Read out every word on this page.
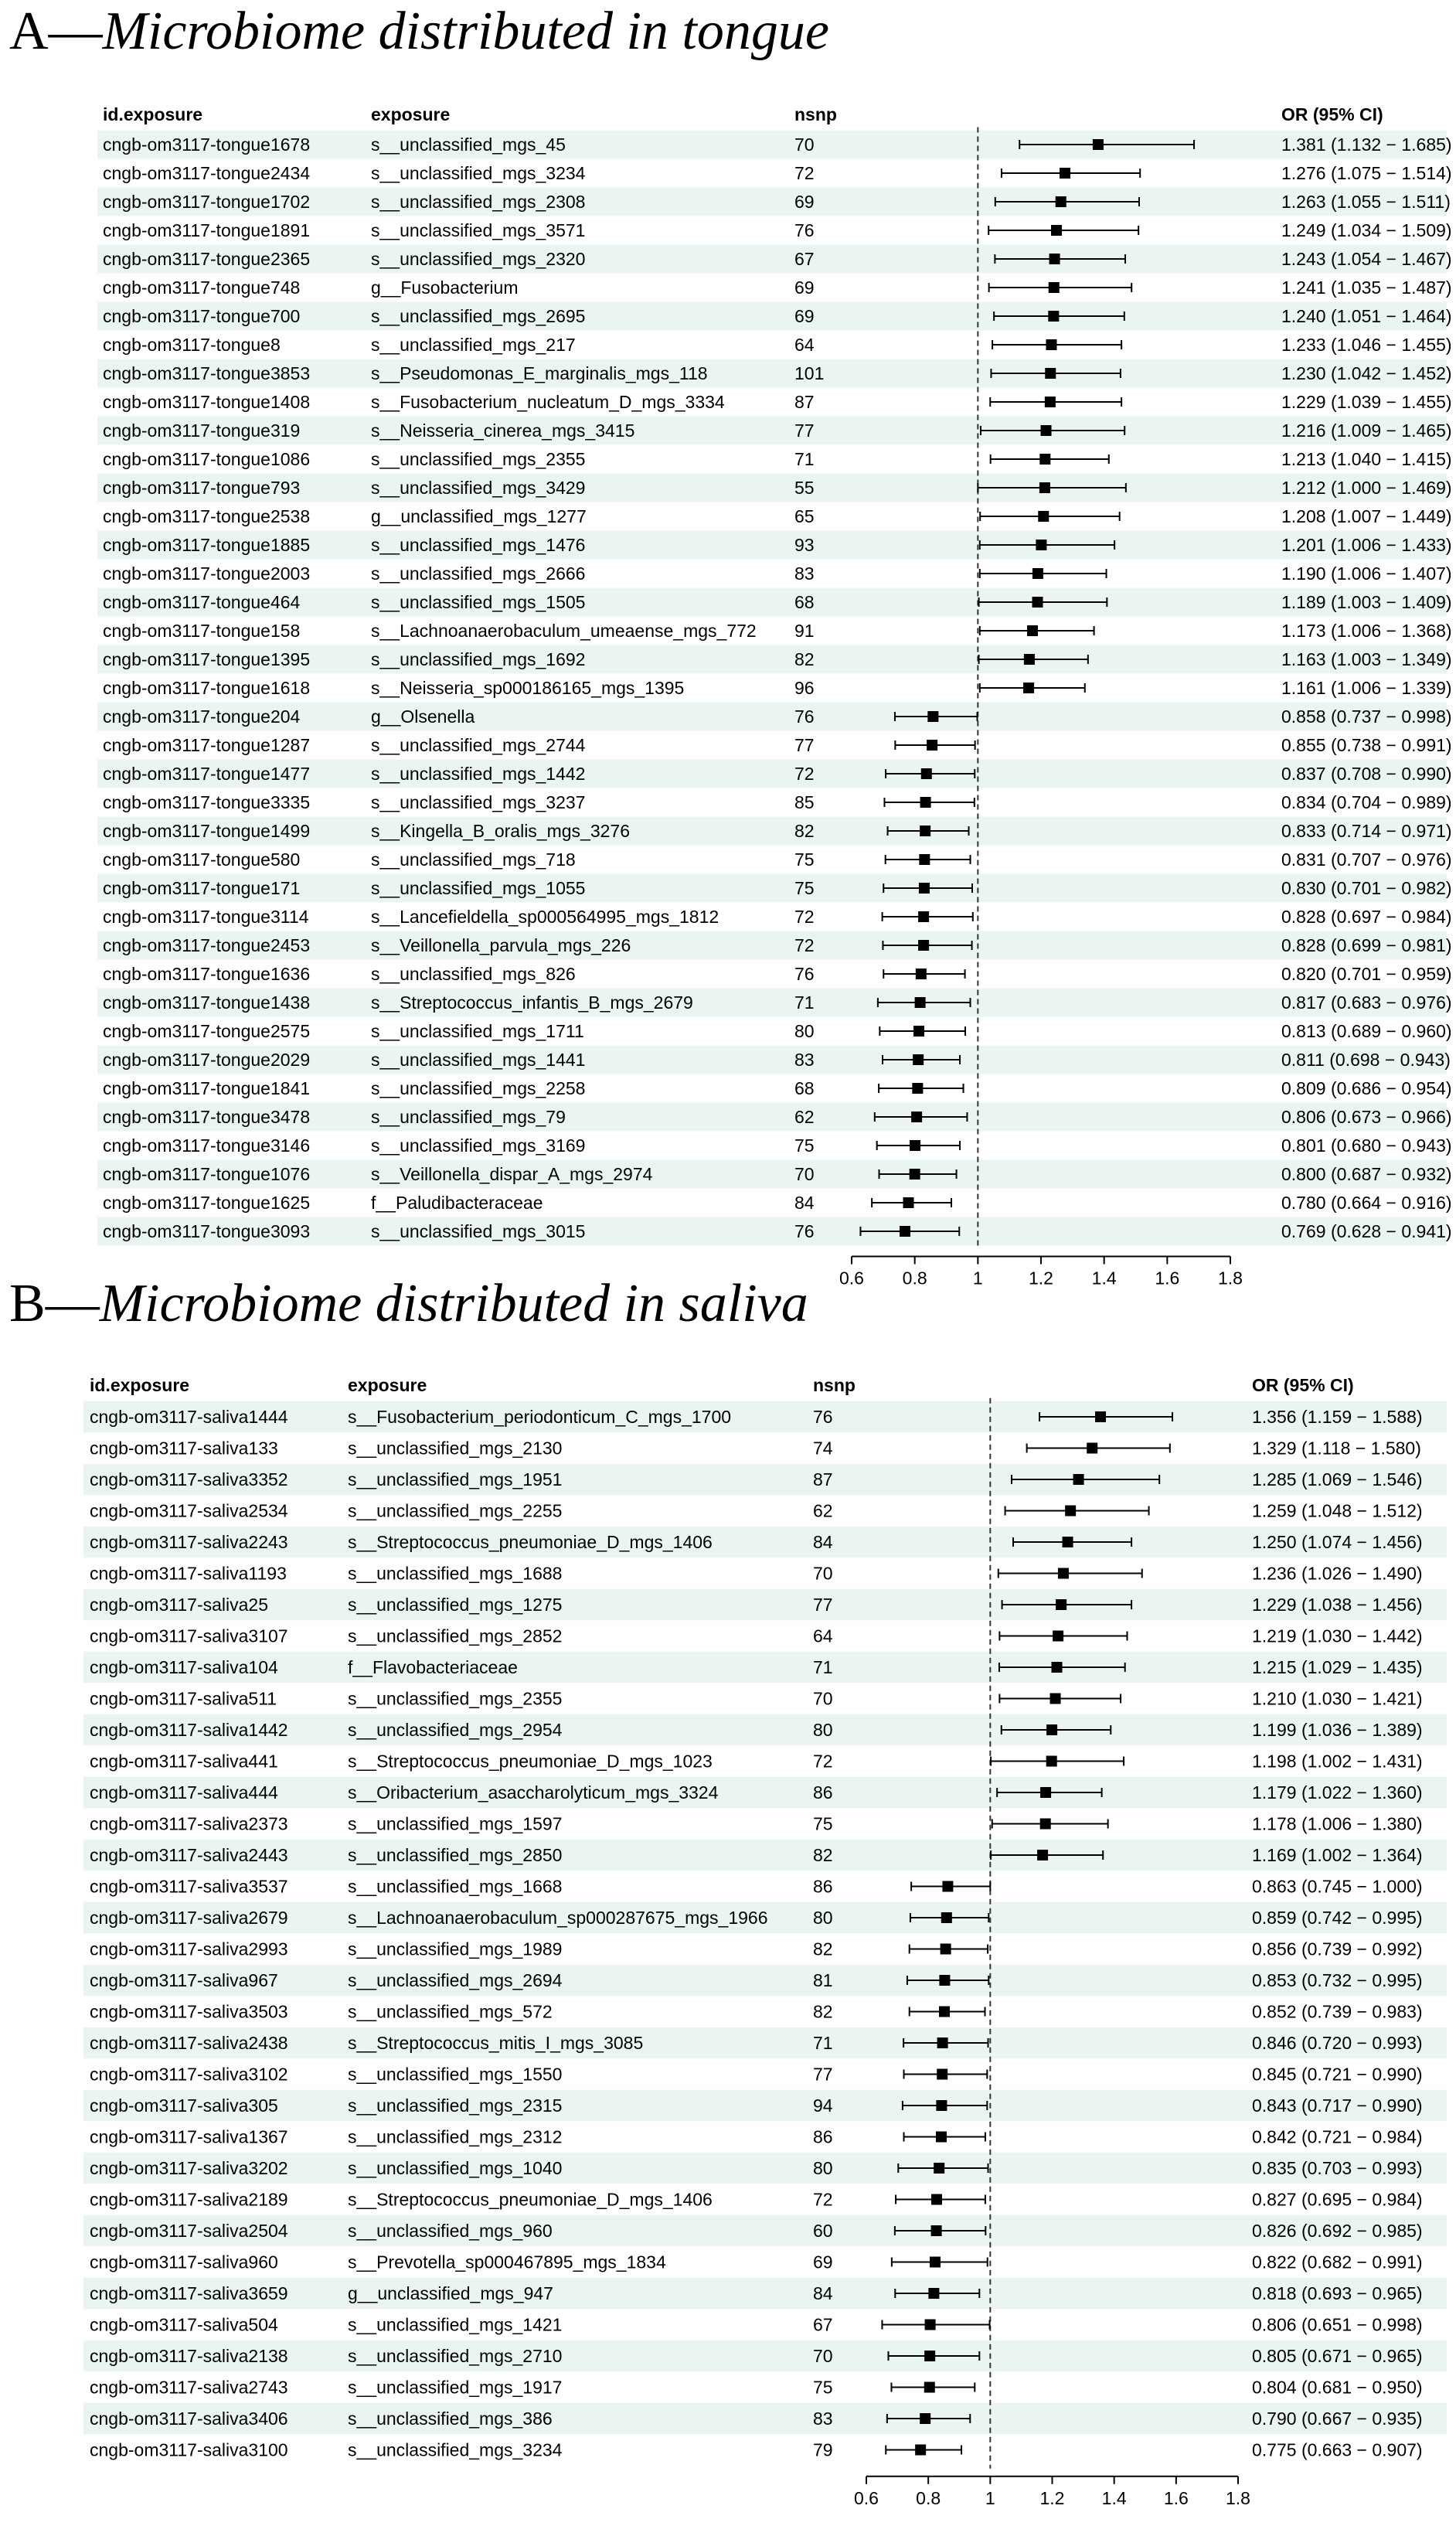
A—Microbiome distributed in tongue
id.exposure	exposure	nsnp	OR (95% CI)
cngb-om3117-tongue1678	s__unclassified_mgs_45	70	1.381 (1.132 − 1.685)
cngb-om3117-tongue2434	s__unclassified_mgs_3234	72	1.276 (1.075 − 1.514)
cngb-om3117-tongue1702	s__unclassified_mgs_2308	69	1.263 (1.055 − 1.511)
cngb-om3117-tongue1891	s__unclassified_mgs_3571	76	1.249 (1.034 − 1.509)
cngb-om3117-tongue2365	s__unclassified_mgs_2320	67	1.243 (1.054 − 1.467)
cngb-om3117-tongue748	g__Fusobacterium	69	1.241 (1.035 − 1.487)
cngb-om3117-tongue700	s__unclassified_mgs_2695	69	1.240 (1.051 − 1.464)
cngb-om3117-tongue8	s__unclassified_mgs_217	64	1.233 (1.046 − 1.455)
cngb-om3117-tongue3853	s__Pseudomonas_E_marginalis_mgs_118	101	1.230 (1.042 − 1.452)
cngb-om3117-tongue1408	s__Fusobacterium_nucleatum_D_mgs_3334	87	1.229 (1.039 − 1.455)
cngb-om3117-tongue319	s__Neisseria_cinerea_mgs_3415	77	1.216 (1.009 − 1.465)
cngb-om3117-tongue1086	s__unclassified_mgs_2355	71	1.213 (1.040 − 1.415)
cngb-om3117-tongue793	s__unclassified_mgs_3429	55	1.212 (1.000 − 1.469)
cngb-om3117-tongue2538	g__unclassified_mgs_1277	65	1.208 (1.007 − 1.449)
cngb-om3117-tongue1885	s__unclassified_mgs_1476	93	1.201 (1.006 − 1.433)
cngb-om3117-tongue2003	s__unclassified_mgs_2666	83	1.190 (1.006 − 1.407)
cngb-om3117-tongue464	s__unclassified_mgs_1505	68	1.189 (1.003 − 1.409)
cngb-om3117-tongue158	s__Lachnoanaerobaculum_umeaense_mgs_772 91	1.173 (1.006 − 1.368)
cngb-om3117-tongue1395	s__unclassified_mgs_1692	82	1.163 (1.003 − 1.349)
cngb-om3117-tongue1618	s__Neisseria_sp000186165_mgs_1395	96	1.161 (1.006 − 1.339)
cngb-om3117-tongue204	g__Olsenella	76	0.858 (0.737 − 0.998)
cngb-om3117-tongue1287	s__unclassified_mgs_2744	77	0.855 (0.738 − 0.991)
cngb-om3117-tongue1477	s__unclassified_mgs_1442	72	0.837 (0.708 − 0.990)
cngb-om3117-tongue3335	s__unclassified_mgs_3237	85	0.834 (0.704 − 0.989)
cngb-om3117-tongue1499	s__Kingella_B_oralis_mgs_3276	82	0.833 (0.714 − 0.971)
cngb-om3117-tongue580	s__unclassified_mgs_718	75	0.831 (0.707 − 0.976)
cngb-om3117-tongue171	s__unclassified_mgs_1055	75	0.830 (0.701 − 0.982)
cngb-om3117-tongue3114	s__Lancefieldella_sp000564995_mgs_1812	72	0.828 (0.697 − 0.984)
cngb-om3117-tongue2453	s__Veillonella_parvula_mgs_226	72	0.828 (0.699 − 0.981)
cngb-om3117-tongue1636	s__unclassified_mgs_826	76	0.820 (0.701 − 0.959)
cngb-om3117-tongue1438	s__Streptococcus_infantis_B_mgs_2679	71	0.817 (0.683 − 0.976)
cngb-om3117-tongue2575	s__unclassified_mgs_1711	80	0.813 (0.689 − 0.960)
cngb-om3117-tongue2029	s__unclassified_mgs_1441	83	0.811 (0.698 − 0.943)
cngb-om3117-tongue1841	s__unclassified_mgs_2258	68	0.809 (0.686 − 0.954)
cngb-om3117-tongue3478	s__unclassified_mgs_79	62	0.806 (0.673 − 0.966)
cngb-om3117-tongue3146	s__unclassified_mgs_3169	75	0.801 (0.680 − 0.943)
cngb-om3117-tongue1076	s__Veillonella_dispar_A_mgs_2974	70	0.800 (0.687 − 0.932)
cngb-om3117-tongue1625	f__Paludibacteraceae	84	0.780 (0.664 − 0.916)
cngb-om3117-tongue3093	s__unclassified_mgs_3015	76	0.769 (0.628 − 0.941)
0.6 0.8	1	1.2 1.4 1.6 1.8
B—Microbiome distributed in saliva
id.exposure	exposure	nsnp	OR (95% CI)
cngb-om3117-saliva1444	s__Fusobacterium_periodonticum_C_mgs_1700	76	1.356 (1.159 − 1.588)
cngb-om3117-saliva133	s__unclassified_mgs_2130	74	1.329 (1.118 − 1.580)
cngb-om3117-saliva3352	s__unclassified_mgs_1951	87	1.285 (1.069 − 1.546)
cngb-om3117-saliva2534	s__unclassified_mgs_2255	62	1.259 (1.048 − 1.512)
cngb-om3117-saliva2243	s__Streptococcus_pneumoniae_D_mgs_1406	84	1.250 (1.074 − 1.456)
cngb-om3117-saliva1193	s__unclassified_mgs_1688	70	1.236 (1.026 − 1.490)
cngb-om3117-saliva25	s__unclassified_mgs_1275	77	1.229 (1.038 − 1.456)
cngb-om3117-saliva3107	s__unclassified_mgs_2852	64	1.219 (1.030 − 1.442)
cngb-om3117-saliva104	f__Flavobacteriaceae	71	1.215 (1.029 − 1.435)
cngb-om3117-saliva511	s__unclassified_mgs_2355	70	1.210 (1.030 − 1.421)
cngb-om3117-saliva1442	s__unclassified_mgs_2954	80	1.199 (1.036 − 1.389)
cngb-om3117-saliva441	s__Streptococcus_pneumoniae_D_mgs_1023	72	1.198 (1.002 − 1.431)
cngb-om3117-saliva444	s__Oribacterium_asaccharolyticum_mgs_3324	86	1.179 (1.022 − 1.360)
cngb-om3117-saliva2373	s__unclassified_mgs_1597	75	1.178 (1.006 − 1.380)
cngb-om3117-saliva2443	s__unclassified_mgs_2850	82	1.169 (1.002 − 1.364)
cngb-om3117-saliva3537	s__unclassified_mgs_1668	86	0.863 (0.745 − 1.000)
cngb-om3117-saliva2679	s__Lachnoanaerobaculum_sp000287675_mgs_1966	80	0.859 (0.742 − 0.995)
cngb-om3117-saliva2993	s__unclassified_mgs_1989	82	0.856 (0.739 − 0.992)
cngb-om3117-saliva967	s__unclassified_mgs_2694	81	0.853 (0.732 − 0.995)
cngb-om3117-saliva3503	s__unclassified_mgs_572	82	0.852 (0.739 − 0.983)
cngb-om3117-saliva2438	s__Streptococcus_mitis_I_mgs_3085	71	0.846 (0.720 − 0.993)
cngb-om3117-saliva3102	s__unclassified_mgs_1550	77	0.845 (0.721 − 0.990)
cngb-om3117-saliva305	s__unclassified_mgs_2315	94	0.843 (0.717 − 0.990)
cngb-om3117-saliva1367	s__unclassified_mgs_2312	86	0.842 (0.721 − 0.984)
cngb-om3117-saliva3202	s__unclassified_mgs_1040	80	0.835 (0.703 − 0.993)
cngb-om3117-saliva2189	s__Streptococcus_pneumoniae_D_mgs_1406	72	0.827 (0.695 − 0.984)
cngb-om3117-saliva2504	s__unclassified_mgs_960	60	0.826 (0.692 − 0.985)
cngb-om3117-saliva960	s__Prevotella_sp000467895_mgs_1834	69	0.822 (0.682 − 0.991)
cngb-om3117-saliva3659	g__unclassified_mgs_947	84	0.818 (0.693 − 0.965)
cngb-om3117-saliva504	s__unclassified_mgs_1421	67	0.806 (0.651 − 0.998)
cngb-om3117-saliva2138	s__unclassified_mgs_2710	70	0.805 (0.671 − 0.965)
cngb-om3117-saliva2743	s__unclassified_mgs_1917	75	0.804 (0.681 − 0.950)
cngb-om3117-saliva3406	s__unclassified_mgs_386	83	0.790 (0.667 − 0.935)
cngb-om3117-saliva3100	s__unclassified_mgs_3234	79	0.775 (0.663 − 0.907)
0.6 0.8	1	1.2 1.4 1.6 1.8
